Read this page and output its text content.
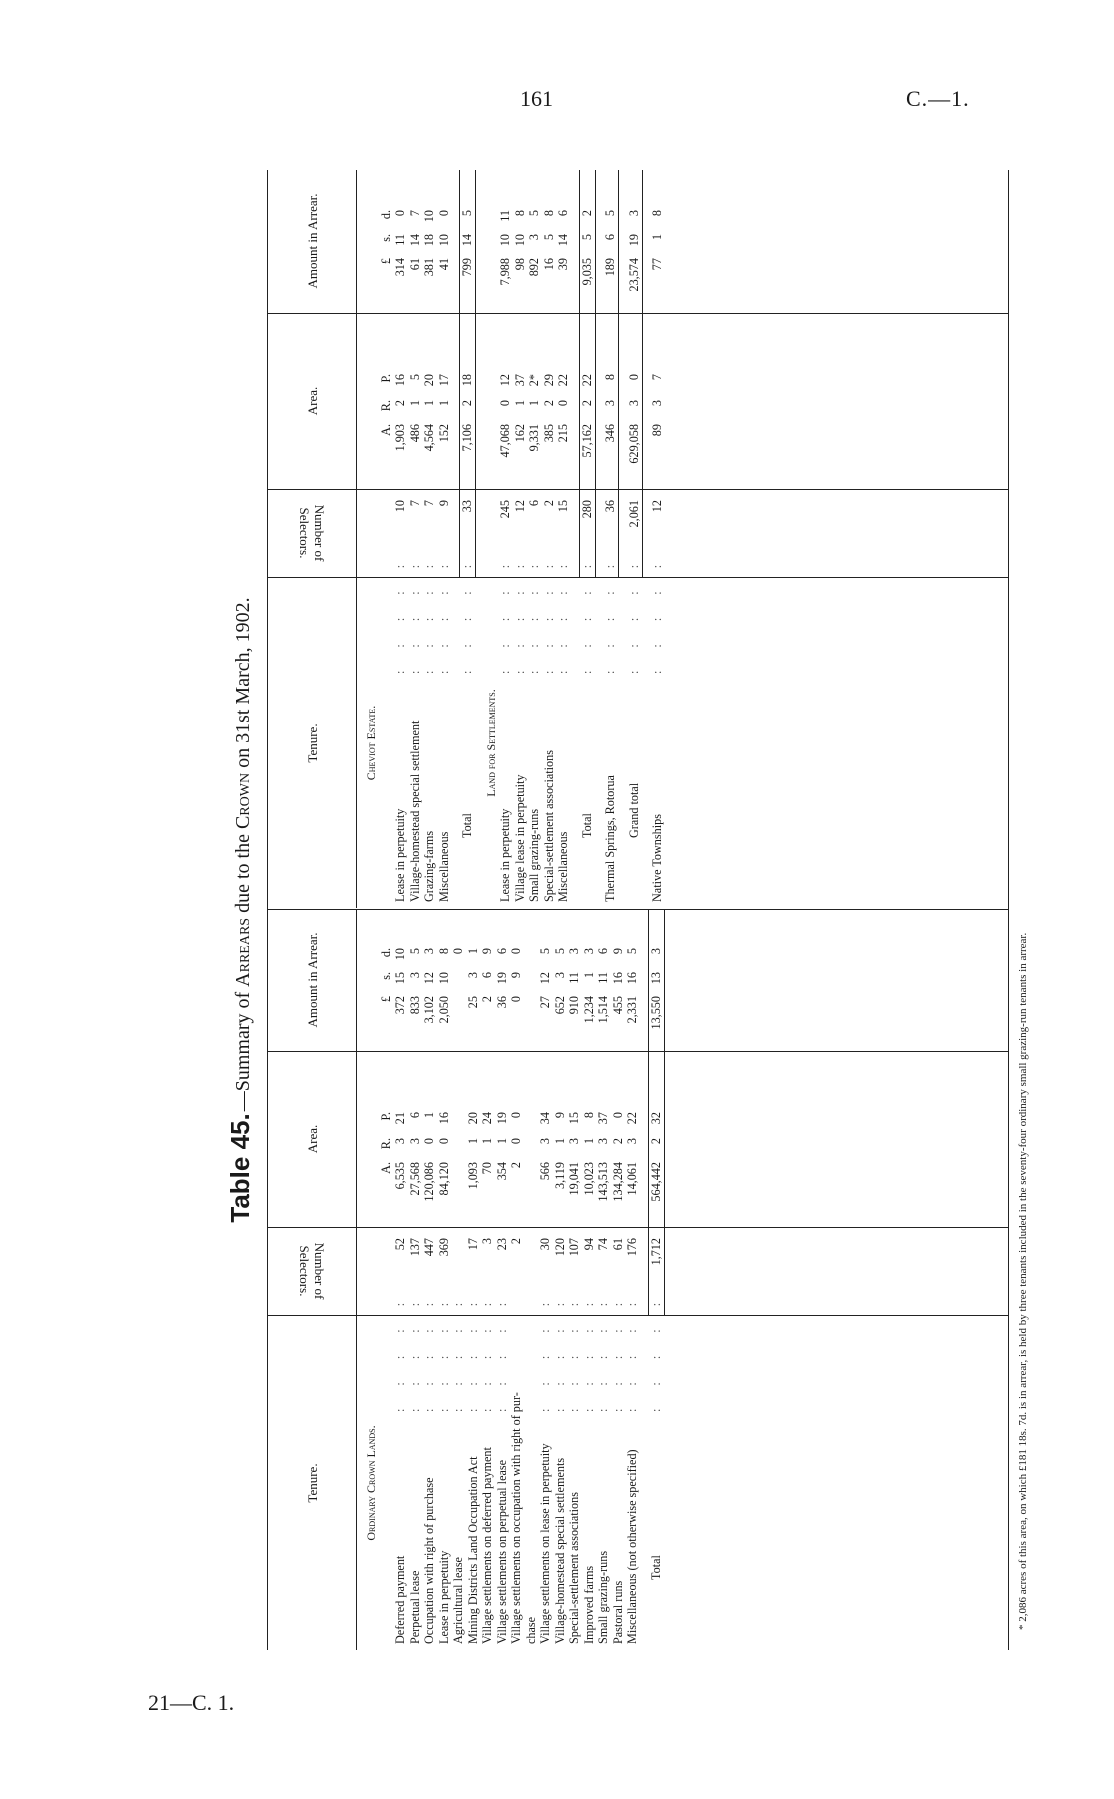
161	C.—1.
21—C. 1.
Table 45.—Summary of Arrears due to the Crown on 31st March, 1902.
Tenure.
Number of Selectors.
Area.
Amount in Arrear.
Ordinary Crown Lands.
A.
R.
P.
£
s.
d.
Deferred payment
: : : : :
52
6,535
3
21
372
15
10
Perpetual lease
: : : : :
137
27,568
3
6
833
3
5
Occupation with right of purchase
: : : : :
447
120,086
0
1
3,102
12
3
Lease in perpetuity
: : : : :
369
84,120
0
16
2,050
10
8
Agricultural lease
: : : : :
0
Mining Districts Land Occupation Act
: : : : :
17
1,093
1
20
25
3
1
Village settlements on deferred payment
: : : : :
3
70
1
24
2
6
9
Village settlements on perpetual lease
: : : : :
23
354
1
19
36
19
6
Village settlements on occupation with right of pur-
2
2
0
0
0
9
0
chase Village settlements on lease in perpetuity
: : : : :
30
566
3
34
27
12
5
Village-homestead special settlements
: : : : :
120
3,119
1
9
652
3
5
Special-settlement associations
: : : : :
107
19,041
3
15
910
11
3
Improved farms
: : : : :
94
10,023
1
8
1,234
1
3
Small grazing-runs
: : : : :
74
143,513
3
37
1,514
11
6
Pastoral runs
: : : : :
61
134,284
2
0
455
16
9
Miscellaneous (not otherwise specified)
: : : : :
176
14,061
3
22
2,331
16
5
Total
: : : : :
1,712
564,442
2
32
13,550
13
3
Tenure.
Number of Selectors.
Area.
Amount in Arrear.
Cheviot Estate.
A.
R.
P.
£
s.
d.
Lease in perpetuity
: : : : :
10
1,903
2
16
314
11
0
Village-homestead special settlement
: : : : :
7
486
1
5
61
14
7
Grazing-farms
: : : : :
7
4,564
1
20
381
18
10
Miscellaneous
: : : : :
9
152
1
17
41
10
0
Total
: : : : :
33
7,106
2
18
799
14
5
Land for Settlements.
Lease in perpetuity
: : : : :
245
47,068
0
12
7,988
10
11
Village lease in perpetuity
: : : : :
12
162
1
37
98
10
8
Small grazing-runs
: : : : :
6
9,331
1
2*
892
3
5
Special-settlement associations
: : : : :
2
385
2
29
16
5
8
Miscellaneous
: : : : :
15
215
0
22
39
14
6
Total
: : : : :
280
57,162
2
22
9,035
5
2
Thermal Springs, Rotorua
: : : : :
36
346
3
8
189
6
5
Grand total
: : : : :
2,061
629,058
3
0
23,574
19
3
Native Townships
: : : : :
12
89
3
7
77
1
8
* 2,086 acres of this area, on which £181 18s. 7d. is in arrear, is held by three tenants included in the seventy-four ordinary small grazing-run tenants in arrear.
